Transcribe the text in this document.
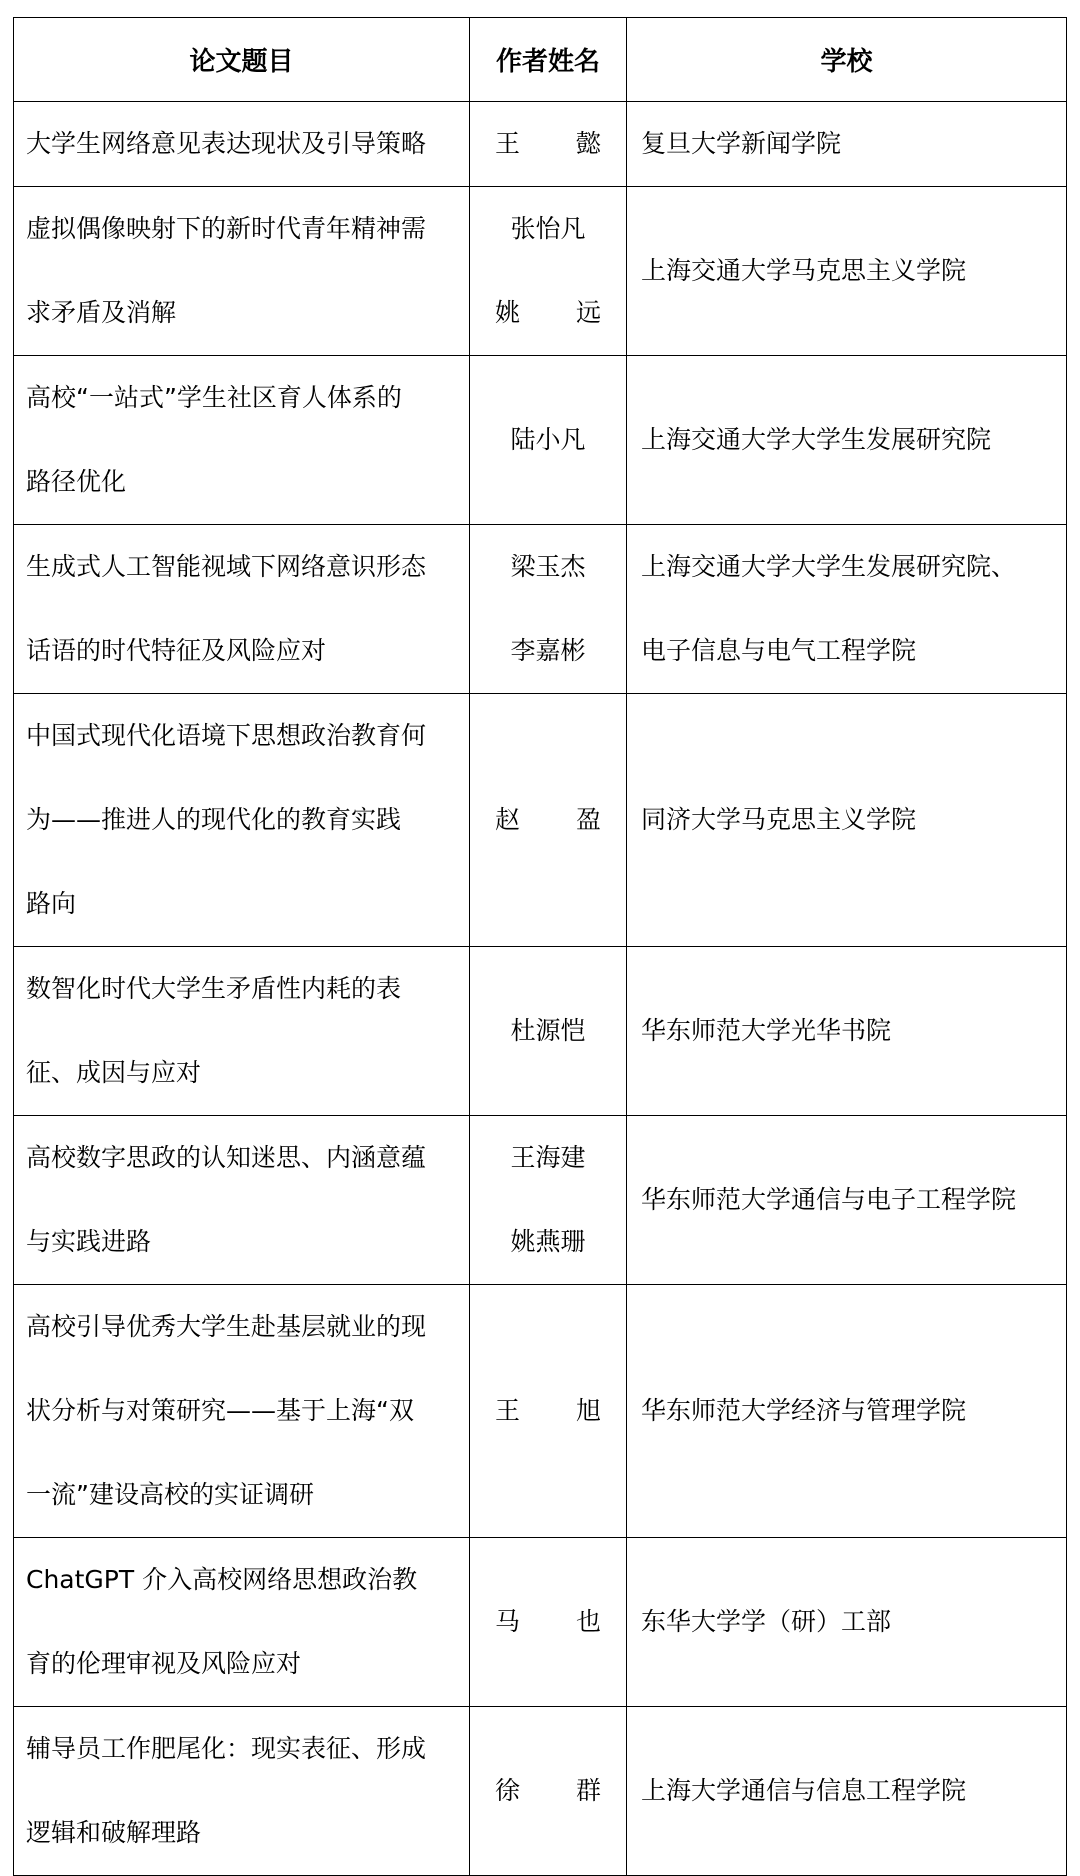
论文题目	作者姓名	学校

大学生网络意见表达现状及引导策略	王 懿	复旦大学新闻学院

虚拟偶像映射下的新时代青年精神需
求矛盾及消解	张怡凡
姚 远	上海交通大学马克思主义学院

高校“一站式”学生社区育人体系的
路径优化	陆小凡	上海交通大学大学生发展研究院

生成式人工智能视域下网络意识形态
话语的时代特征及风险应对	梁玉杰
李嘉彬	上海交通大学大学生发展研究院、
电子信息与电气工程学院

中国式现代化语境下思想政治教育何
为——推进人的现代化的教育实践
路向	赵 盈	同济大学马克思主义学院

数智化时代大学生矛盾性内耗的表
征、成因与应对	杜源恺	华东师范大学光华书院

高校数字思政的认知迷思、内涵意蕴
与实践进路	王海建
姚燕珊	华东师范大学通信与电子工程学院

高校引导优秀大学生赴基层就业的现
状分析与对策研究——基于上海“双
一流”建设高校的实证调研	王 旭	华东师范大学经济与管理学院

ChatGPT 介入高校网络思想政治教
育的伦理审视及风险应对	马 也	东华大学学（研）工部

辅导员工作肥尾化：现实表征、形成
逻辑和破解理路	徐 群	上海大学通信与信息工程学院
